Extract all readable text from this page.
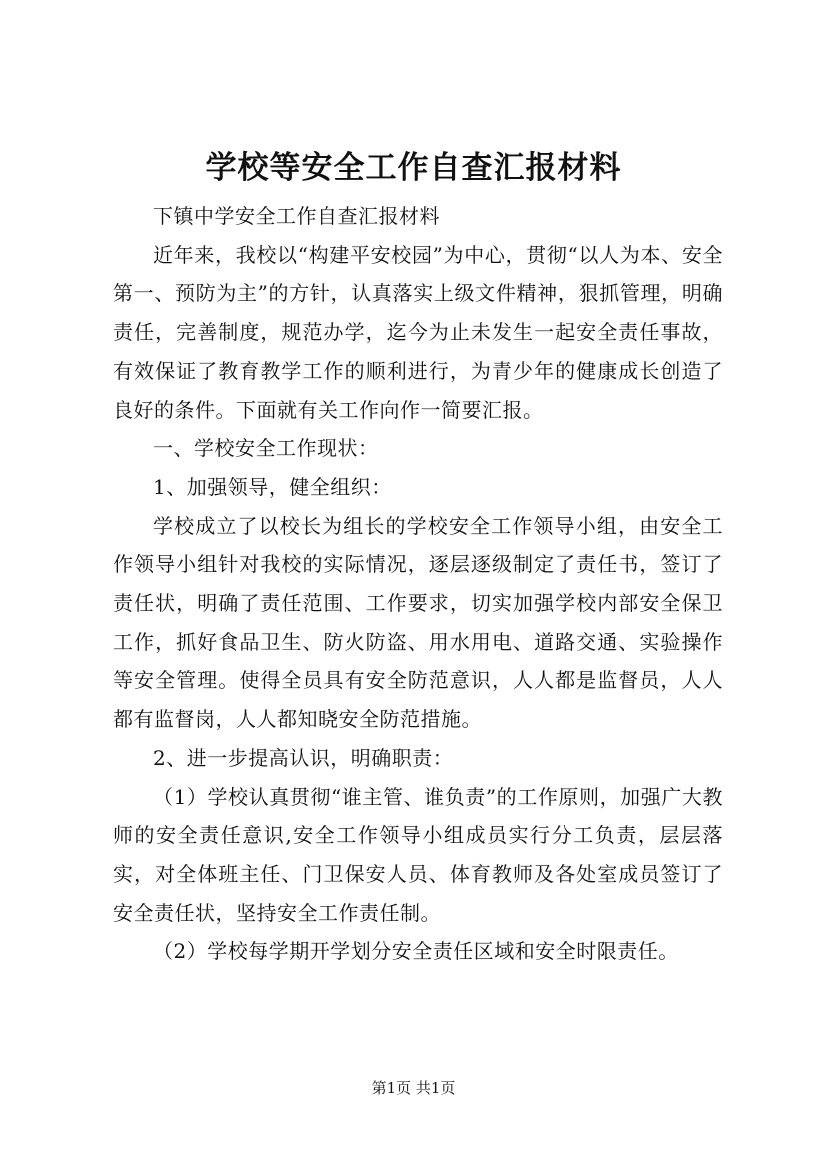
学校等安全工作自查汇报材料

下镇中学安全工作自查汇报材料

近年来，我校以“构建平安校园”为中心，贯彻“以人为本、安全第一、预防为主”的方针，认真落实上级文件精神，狠抓管理，明确责任，完善制度，规范办学，迄今为止未发生一起安全责任事故，有效保证了教育教学工作的顺利进行，为青少年的健康成长创造了良好的条件。下面就有关工作向作一简要汇报。

一、学校安全工作现状：

1、加强领导，健全组织：

学校成立了以校长为组长的学校安全工作领导小组，由安全工作领导小组针对我校的实际情况，逐层逐级制定了责任书，签订了责任状，明确了责任范围、工作要求，切实加强学校内部安全保卫工作，抓好食品卫生、防火防盗、用水用电、道路交通、实验操作等安全管理。使得全员具有安全防范意识，人人都是监督员，人人都有监督岗，人人都知晓安全防范措施。

2、进一步提高认识，明确职责：

（1）学校认真贯彻“谁主管、谁负责”的工作原则，加强广大教师的安全责任意识,安全工作领导小组成员实行分工负责，层层落实，对全体班主任、门卫保安人员、体育教师及各处室成员签订了安全责任状，坚持安全工作责任制。

（2）学校每学期开学划分安全责任区域和安全时限责任。

第1页 共1页
